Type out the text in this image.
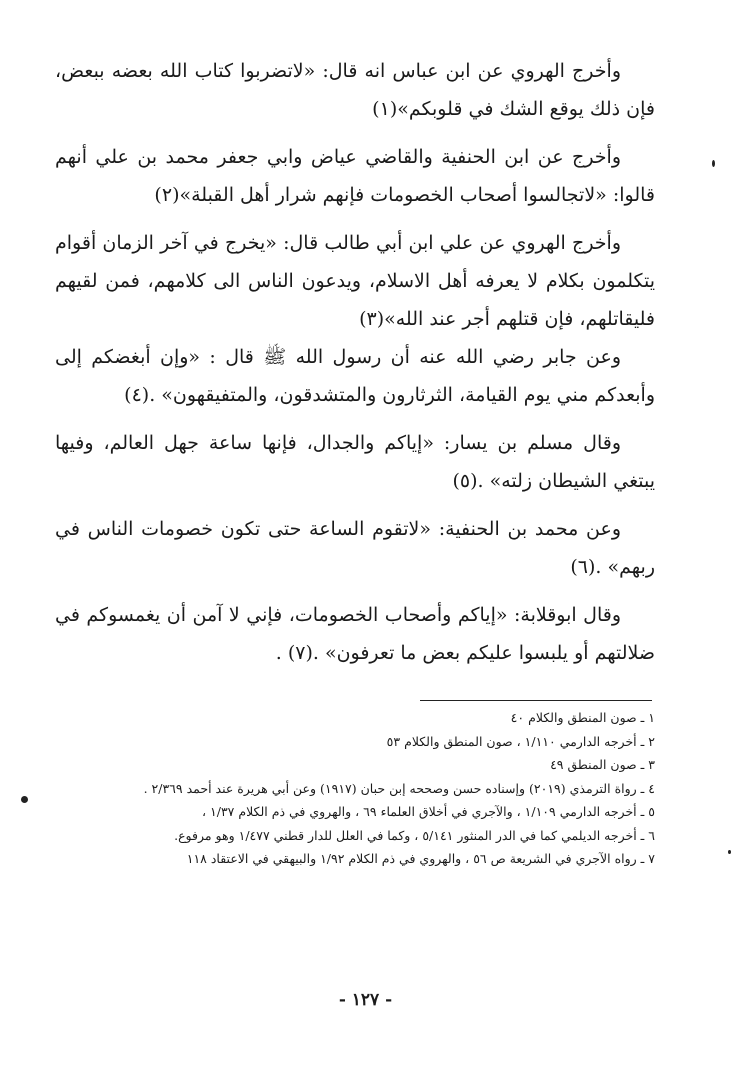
وأخرج الهروي عن ابن عباس انه قال: «لاتضربوا كتاب الله بعضه ببعض، فإن ذلك يوقع الشك في قلوبكم»(١)

وأخرج عن ابن الحنفية والقاضي عياض وابي جعفر محمد بن علي أنهم قالوا: «لاتجالسوا أصحاب الخصومات فإنهم شرار أهل القبلة»(٢)

وأخرج الهروي عن علي ابن أبي طالب قال: «يخرج في آخر الزمان أقوام يتكلمون بكلام لا يعرفه أهل الاسلام، ويدعون الناس الى كلامهم، فمن لقيهم فليقاتلهم، فإن قتلهم أجر عند الله»(٣)

وعن جابر رضي الله عنه أن رسول الله ﷺ قال : «وإن أبغضكم إلى وأبعدكم مني يوم القيامة، الثرثارون والمتشدقون، والمتفيقهون» .(٤)

وقال مسلم بن يسار: «إياكم والجدال، فإنها ساعة جهل العالم، وفيها يبتغي الشيطان زلته» .(٥)

وعن محمد بن الحنفية: «لاتقوم الساعة حتى تكون خصومات الناس في ربهم» .(٦)

وقال ابوقلابة: «إياكم وأصحاب الخصومات، فإني لا آمن أن يغمسوكم في ضلالتهم أو يلبسوا عليكم بعض ما تعرفون» .(٧) .

١ ـ صون المنطق والكلام ٤٠
٢ ـ أخرجه الدارمي ١/١١٠ ، صون المنطق والكلام ٥٣
٣ ـ صون المنطق ٤٩
٤ ـ رواة الترمذي (٢٠١٩) وإسناده حسن وصححه إبن حبان (١٩١٧) وعن أبي هريرة عند أحمد ٢/٣٦٩ .
٥ ـ أخرجه الدارمي ١/١٠٩ ، والآجري في أخلاق العلماء ٦٩ ، والهروي في ذم الكلام ١/٣٧ ،
٦ ـ أخرجه الديلمي كما في الدر المنثور ٥/١٤١ ، وكما في العلل للدار قطني ١/٤٧٧ وهو مرفوع.
٧ ـ رواه الآجري في الشريعة ص ٥٦ ، والهروي في ذم الكلام ١/٩٢ والبيهقي في الاعتقاد ١١٨
- ١٢٧ -
